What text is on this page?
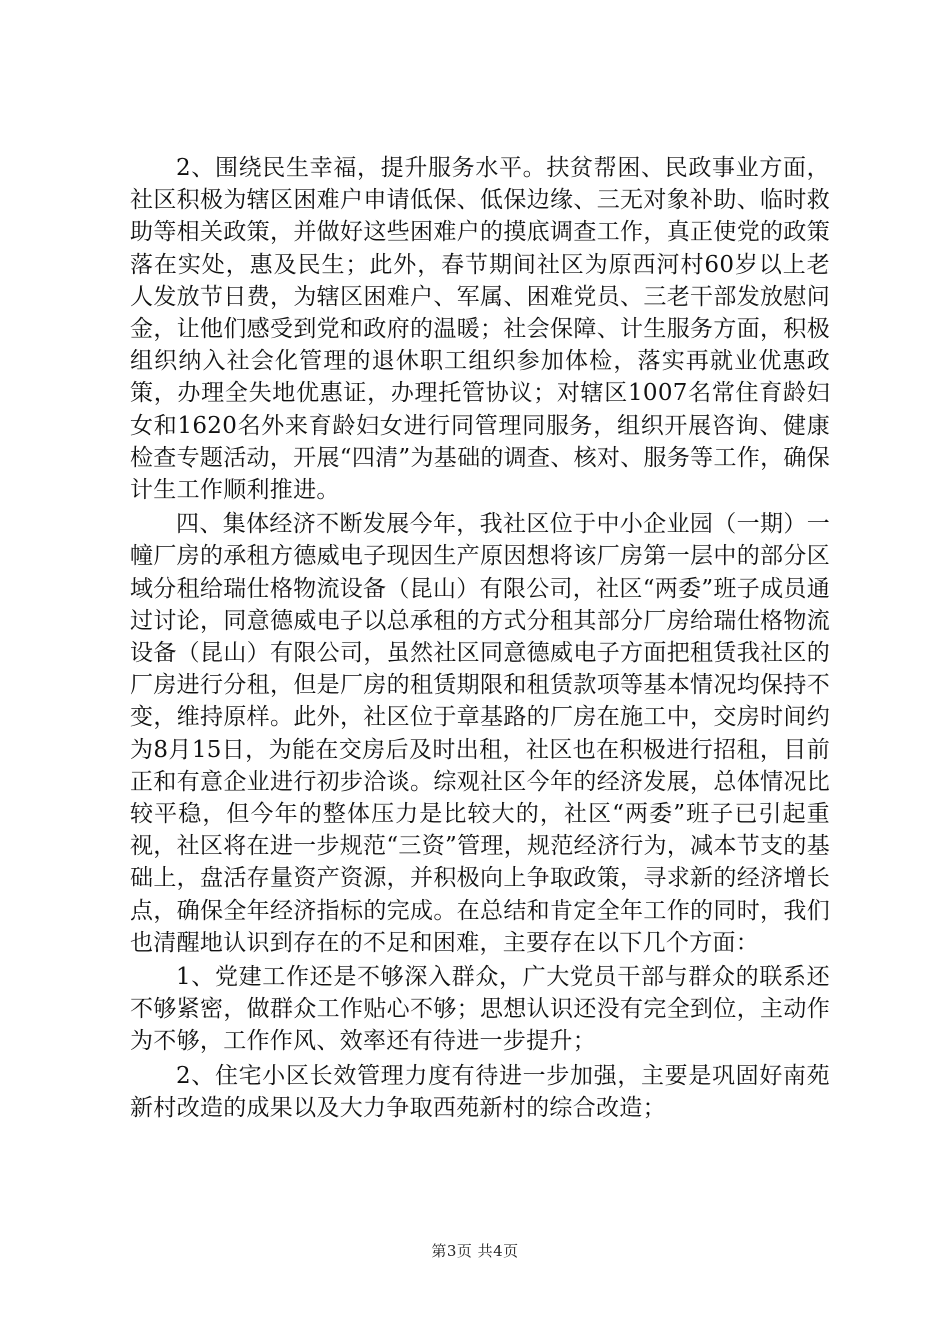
2、围绕民生幸福，提升服务水平。扶贫帮困、民政事业方面，社区积极为辖区困难户申请低保、低保边缘、三无对象补助、临时救助等相关政策，并做好这些困难户的摸底调查工作，真正使党的政策落在实处，惠及民生；此外，春节期间社区为原西河村60岁以上老人发放节日费，为辖区困难户、军属、困难党员、三老干部发放慰问金，让他们感受到党和政府的温暖；社会保障、计生服务方面，积极组织纳入社会化管理的退休职工组织参加体检，落实再就业优惠政策，办理全失地优惠证，办理托管协议；对辖区1007名常住育龄妇女和1620名外来育龄妇女进行同管理同服务，组织开展咨询、健康检查专题活动，开展“四清”为基础的调查、核对、服务等工作，确保计生工作顺利推进。

四、集体经济不断发展今年，我社区位于中小企业园（一期）一幢厂房的承租方德威电子现因生产原因想将该厂房第一层中的部分区域分租给瑞仕格物流设备（昆山）有限公司，社区“两委”班子成员通过讨论，同意德威电子以总承租的方式分租其部分厂房给瑞仕格物流设备（昆山）有限公司，虽然社区同意德威电子方面把租赁我社区的厂房进行分租，但是厂房的租赁期限和租赁款项等基本情况均保持不变，维持原样。此外，社区位于章基路的厂房在施工中，交房时间约为8月15日，为能在交房后及时出租，社区也在积极进行招租，目前正和有意企业进行初步洽谈。综观社区今年的经济发展，总体情况比较平稳，但今年的整体压力是比较大的，社区“两委”班子已引起重视，社区将在进一步规范“三资”管理，规范经济行为，减本节支的基础上，盘活存量资产资源，并积极向上争取政策，寻求新的经济增长点，确保全年经济指标的完成。在总结和肯定全年工作的同时，我们也清醒地认识到存在的不足和困难，主要存在以下几个方面：

1、党建工作还是不够深入群众，广大党员干部与群众的联系还不够紧密，做群众工作贴心不够；思想认识还没有完全到位，主动作为不够，工作作风、效率还有待进一步提升；

2、住宅小区长效管理力度有待进一步加强，主要是巩固好南苑新村改造的成果以及大力争取西苑新村的综合改造；

第3页 共4页
